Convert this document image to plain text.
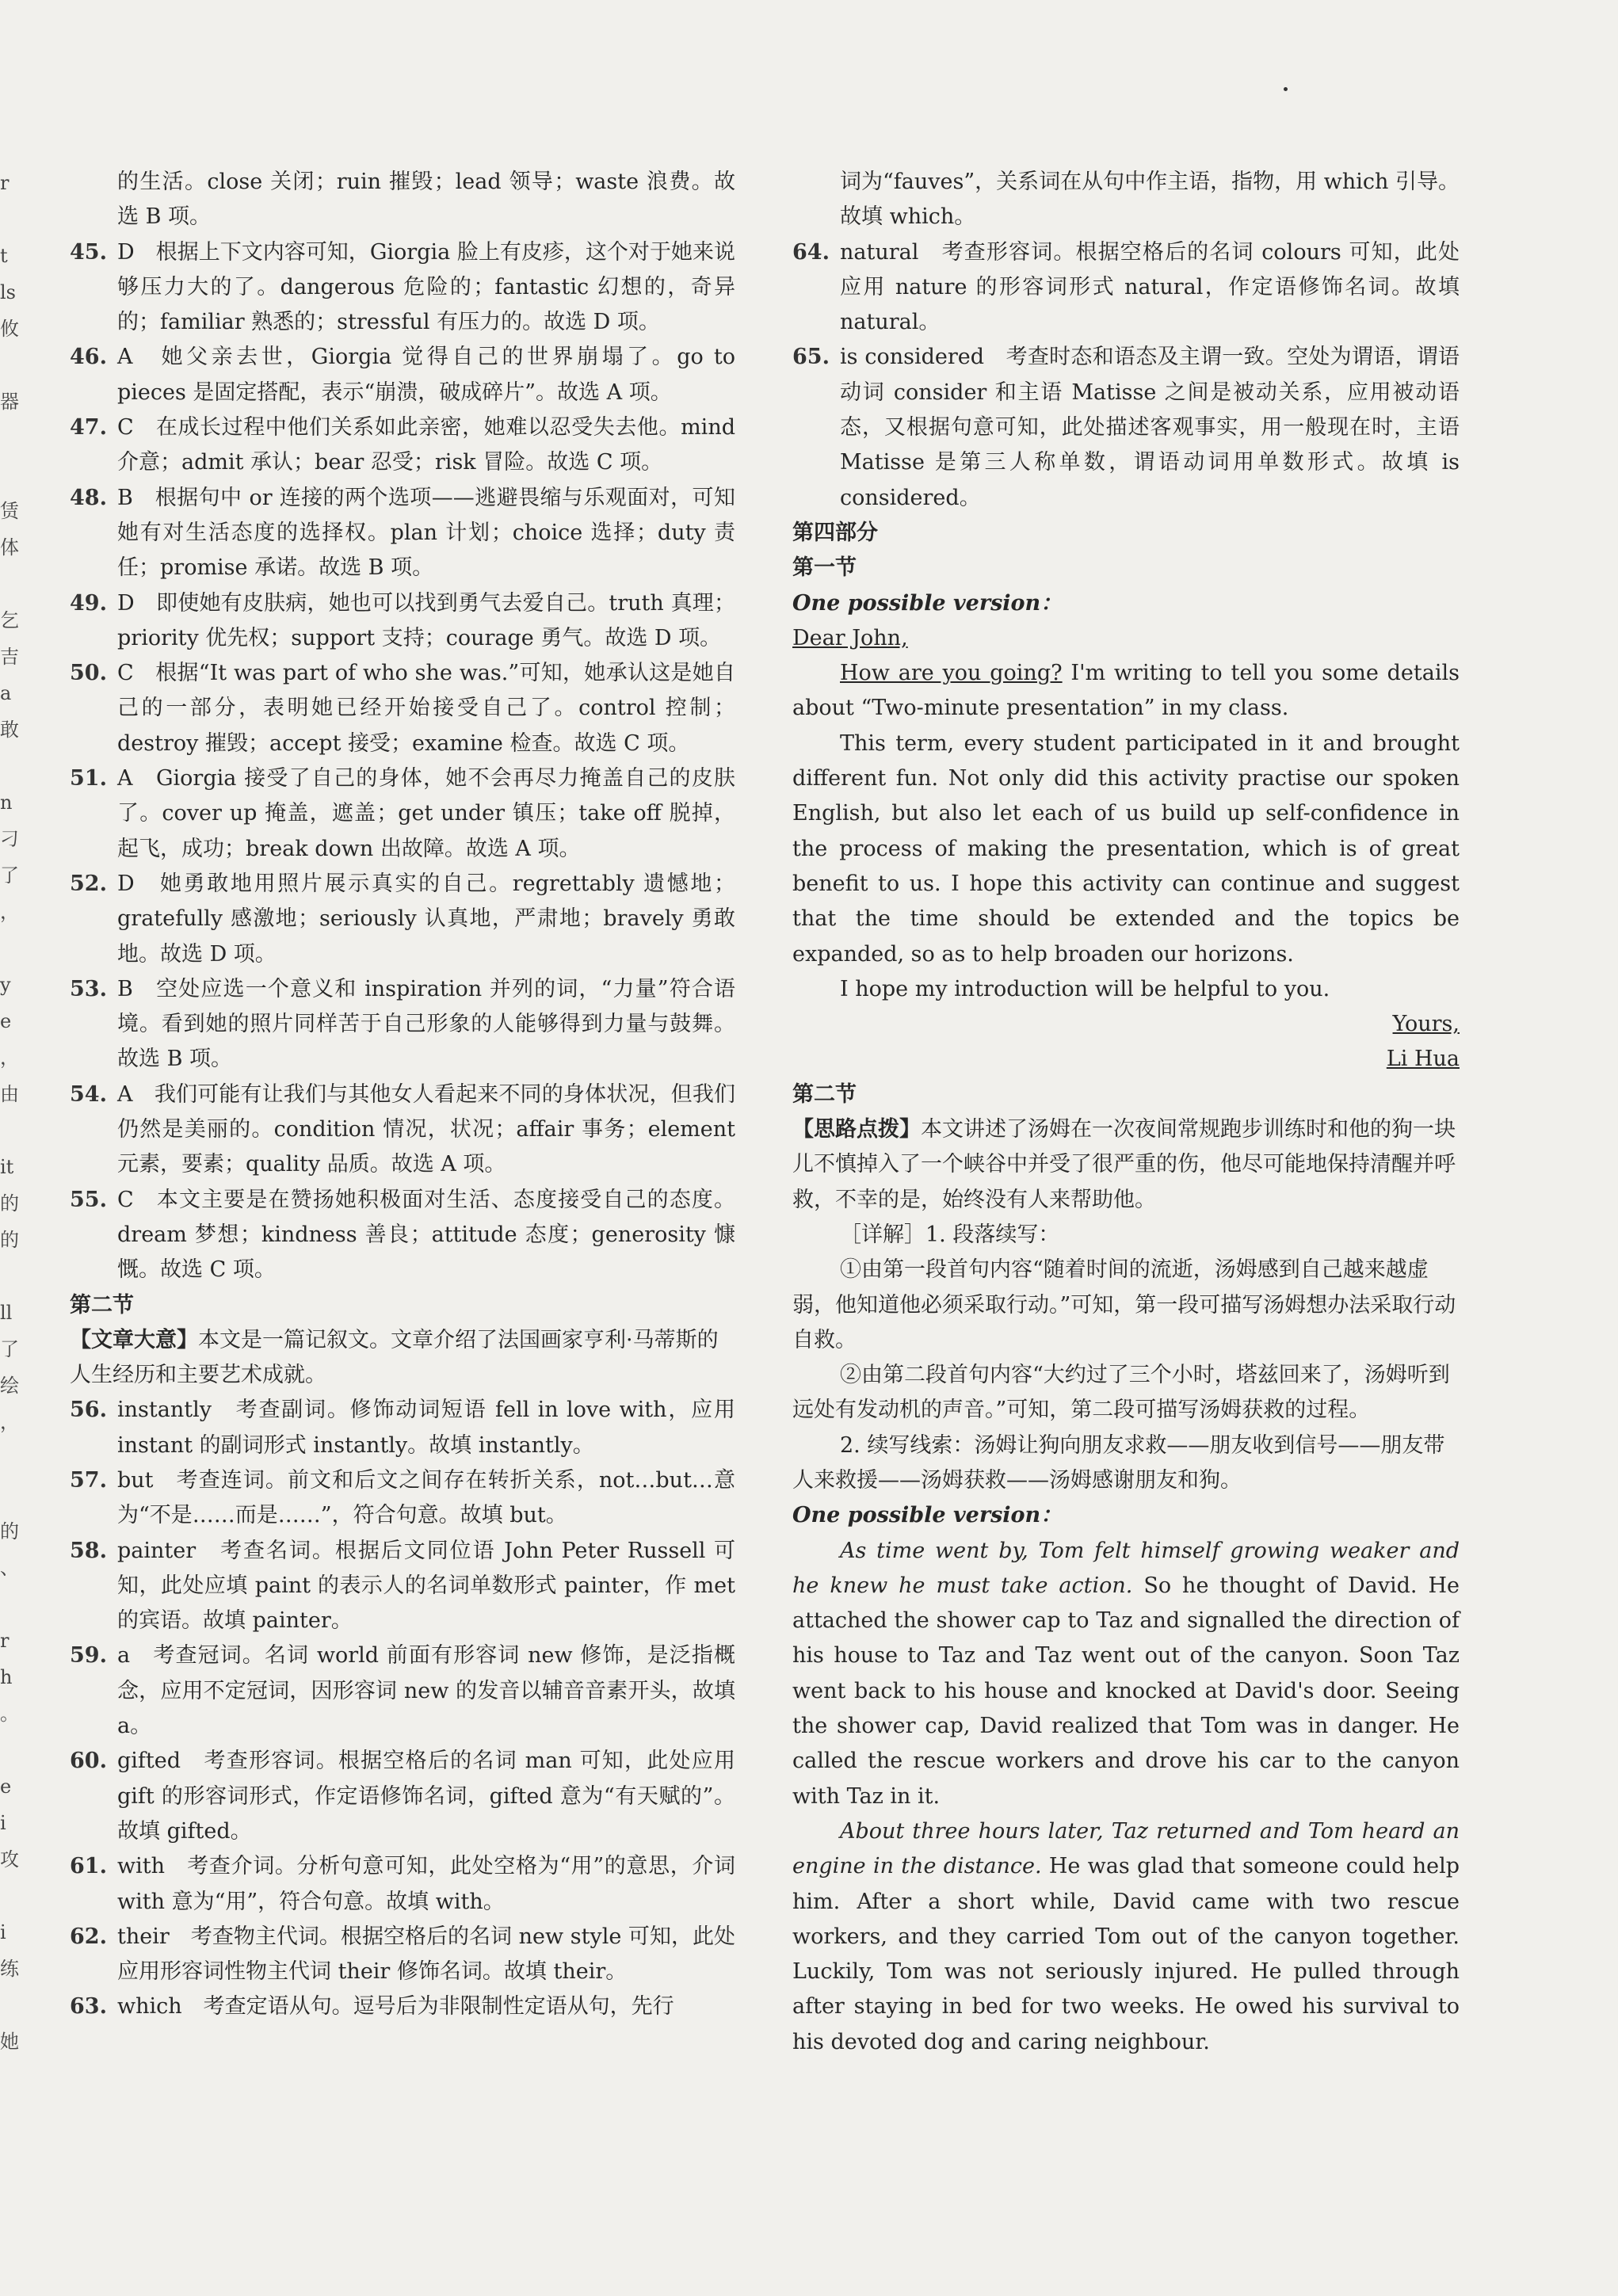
r

t
ls
攸

器

赁
体

乞
吉
a
敢

n
刁
了
，

y
e
，
由

it
的
的

ll
了
绘
，

的
、

r
h
。

e
i
攻

i
练

她

的生活。close 关闭；ruin 摧毁；lead 领导；waste 浪费。故选 B 项。

45. D　根据上下文内容可知，Giorgia 脸上有皮疹，这个对于她来说够压力大的了。dangerous 危险的；fantastic 幻想的，奇异的；familiar 熟悉的；stressful 有压力的。故选 D 项。
46. A　她父亲去世，Giorgia 觉得自己的世界崩塌了。go to pieces 是固定搭配，表示“崩溃，破成碎片”。故选 A 项。
47. C　在成长过程中他们关系如此亲密，她难以忍受失去他。mind 介意；admit 承认；bear 忍受；risk 冒险。故选 C 项。
48. B　根据句中 or 连接的两个选项——逃避畏缩与乐观面对，可知她有对生活态度的选择权。plan 计划；choice 选择；duty 责任；promise 承诺。故选 B 项。
49. D　即使她有皮肤病，她也可以找到勇气去爱自己。truth 真理；priority 优先权；support 支持；courage 勇气。故选 D 项。
50. C　根据“It was part of who she was.”可知，她承认这是她自己的一部分，表明她已经开始接受自己了。control 控制；destroy 摧毁；accept 接受；examine 检查。故选 C 项。
51. A　Giorgia 接受了自己的身体，她不会再尽力掩盖自己的皮肤了。cover up 掩盖，遮盖；get under 镇压；take off 脱掉，起飞，成功；break down 出故障。故选 A 项。
52. D　她勇敢地用照片展示真实的自己。regrettably 遗憾地；gratefully 感激地；seriously 认真地，严肃地；bravely 勇敢地。故选 D 项。
53. B　空处应选一个意义和 inspiration 并列的词，“力量”符合语境。看到她的照片同样苦于自己形象的人能够得到力量与鼓舞。故选 B 项。
54. A　我们可能有让我们与其他女人看起来不同的身体状况，但我们仍然是美丽的。condition 情况，状况；affair 事务；element 元素，要素；quality 品质。故选 A 项。
55. C　本文主要是在赞扬她积极面对生活、态度接受自己的态度。dream 梦想；kindness 善良；attitude 态度；generosity 慷慨。故选 C 项。

第二节

【文章大意】本文是一篇记叙文。文章介绍了法国画家亨利·马蒂斯的人生经历和主要艺术成就。

56. instantly　考查副词。修饰动词短语 fell in love with，应用 instant 的副词形式 instantly。故填 instantly。
57. but　考查连词。前文和后文之间存在转折关系，not…but…意为“不是……而是……”，符合句意。故填 but。
58. painter　考查名词。根据后文同位语 John Peter Russell 可知，此处应填 paint 的表示人的名词单数形式 painter，作 met 的宾语。故填 painter。
59. a　考查冠词。名词 world 前面有形容词 new 修饰，是泛指概念，应用不定冠词，因形容词 new 的发音以辅音音素开头，故填 a。
60. gifted　考查形容词。根据空格后的名词 man 可知，此处应用 gift 的形容词形式，作定语修饰名词，gifted 意为“有天赋的”。故填 gifted。
61. with　考查介词。分析句意可知，此处空格为“用”的意思，介词 with 意为“用”，符合句意。故填 with。
62. their　考查物主代词。根据空格后的名词 new style 可知，此处应用形容词性物主代词 their 修饰名词。故填 their。
63. which　考查定语从句。逗号后为非限制性定语从句，先行

词为“fauves”，关系词在从句中作主语，指物，用 which 引导。故填 which。

64. natural　考查形容词。根据空格后的名词 colours 可知，此处应用 nature 的形容词形式 natural，作定语修饰名词。故填 natural。
65. is considered　考查时态和语态及主谓一致。空处为谓语，谓语动词 consider 和主语 Matisse 之间是被动关系，应用被动语态，又根据句意可知，此处描述客观事实，用一般现在时，主语 Matisse 是第三人称单数，谓语动词用单数形式。故填 is considered。

第四部分

第一节

One possible version：

Dear John,

How are you going? I'm writing to tell you some details about “Two-minute presentation” in my class.

This term, every student participated in it and brought different fun. Not only did this activity practise our spoken English, but also let each of us build up self-confidence in the process of making the presentation, which is of great benefit to us. I hope this activity can continue and suggest that the time should be extended and the topics be expanded, so as to help broaden our horizons.

I hope my introduction will be helpful to you.

Yours,

Li Hua

第二节

【思路点拨】本文讲述了汤姆在一次夜间常规跑步训练时和他的狗一块儿不慎掉入了一个峡谷中并受了很严重的伤，他尽可能地保持清醒并呼救，不幸的是，始终没有人来帮助他。

［详解］1. 段落续写：

①由第一段首句内容“随着时间的流逝，汤姆感到自己越来越虚弱，他知道他必须采取行动。”可知，第一段可描写汤姆想办法采取行动自救。

②由第二段首句内容“大约过了三个小时，塔兹回来了，汤姆听到远处有发动机的声音。”可知，第二段可描写汤姆获救的过程。

2. 续写线索：汤姆让狗向朋友求救——朋友收到信号——朋友带人来救援——汤姆获救——汤姆感谢朋友和狗。

One possible version：

As time went by, Tom felt himself growing weaker and he knew he must take action. So he thought of David. He attached the shower cap to Taz and signalled the direction of his house to Taz and Taz went out of the canyon. Soon Taz went back to his house and knocked at David's door. Seeing the shower cap, David realized that Tom was in danger. He called the rescue workers and drove his car to the canyon with Taz in it.

About three hours later, Taz returned and Tom heard an engine in the distance. He was glad that someone could help him. After a short while, David came with two rescue workers, and they carried Tom out of the canyon together. Luckily, Tom was not seriously injured. He pulled through after staying in bed for two weeks. He owed his survival to his devoted dog and caring neighbour.
